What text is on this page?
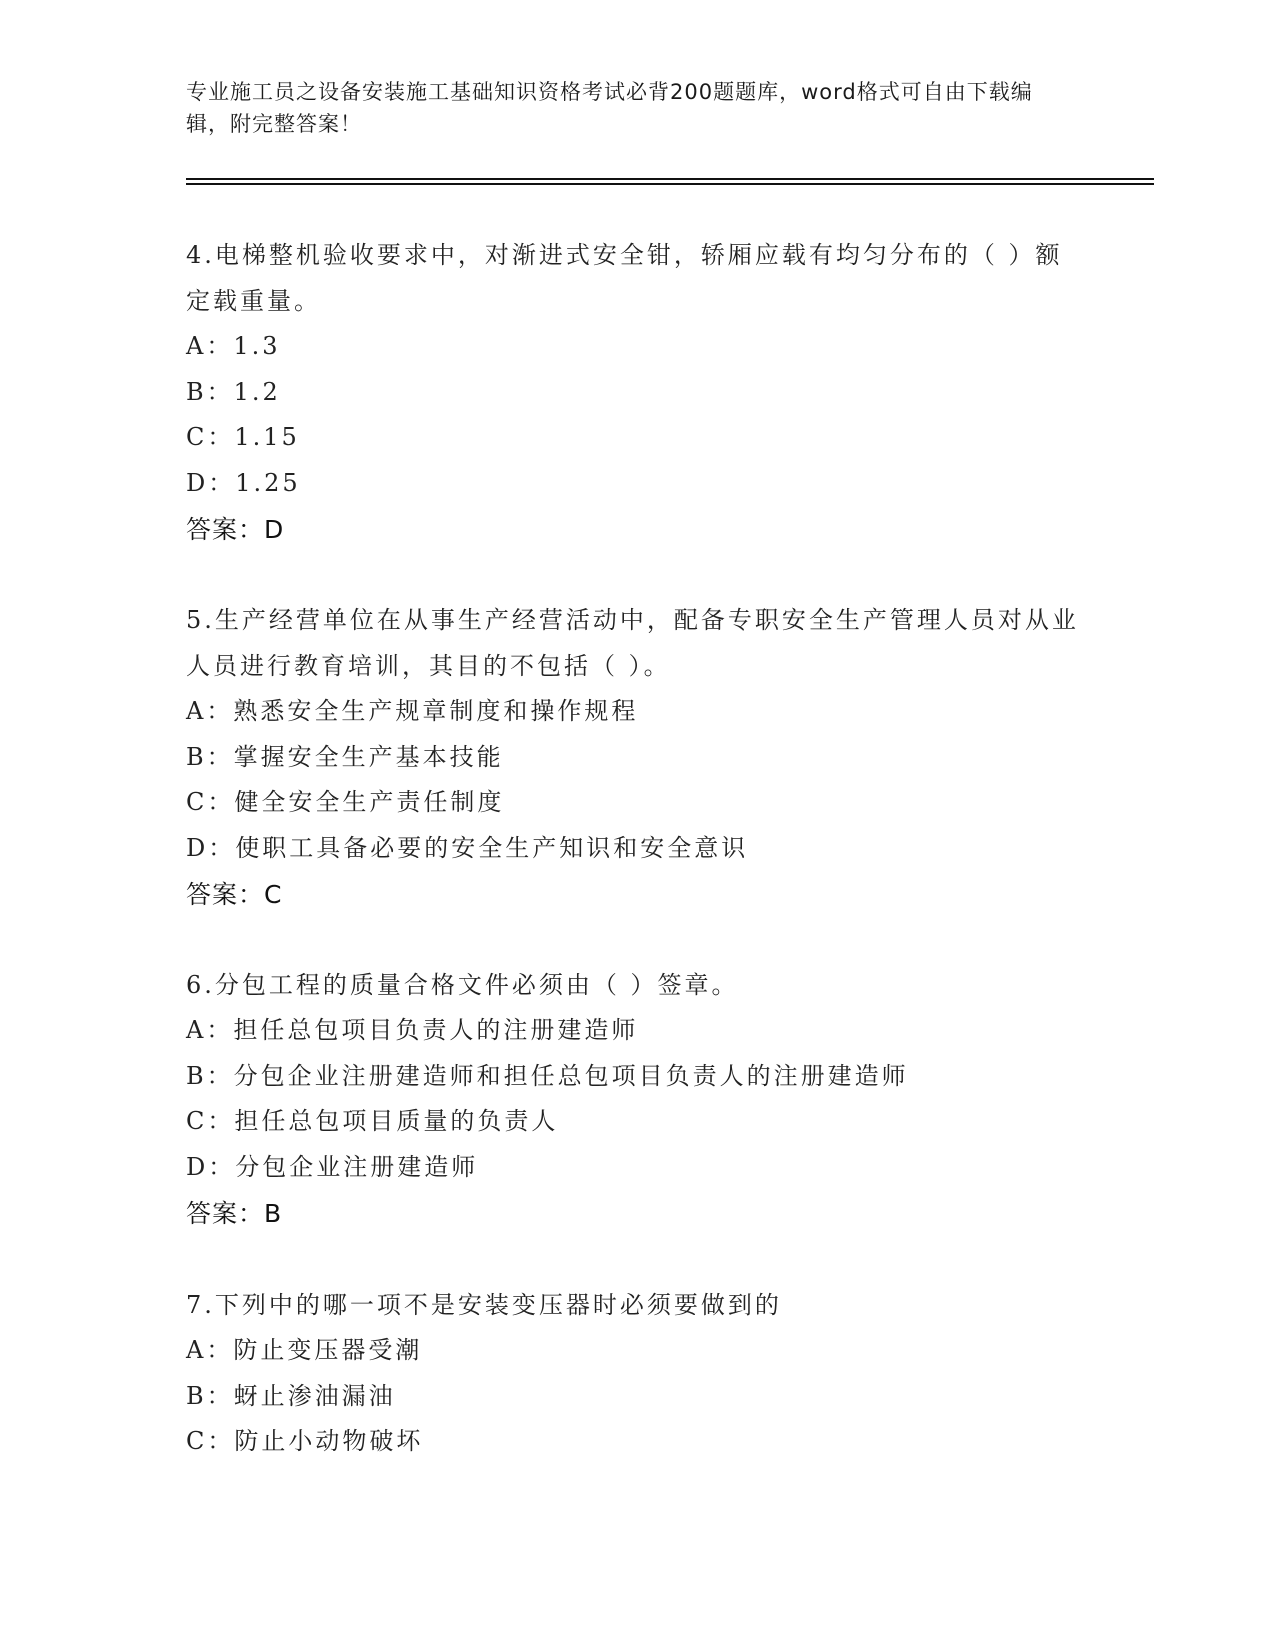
专业施工员之设备安装施工基础知识资格考试必背200题题库，word格式可自由下载编辑，附完整答案！

4.电梯整机验收要求中，对渐进式安全钳，轿厢应载有均匀分布的（ ）额定载重量。

A：1.3

B：1.2

C：1.15

D：1.25

答案：D

5.生产经营单位在从事生产经营活动中，配备专职安全生产管理人员对从业人员进行教育培训，其目的不包括（ ）。

A：熟悉安全生产规章制度和操作规程

B：掌握安全生产基本技能

C：健全安全生产责任制度

D：使职工具备必要的安全生产知识和安全意识

答案：C

6.分包工程的质量合格文件必须由（ ）签章。

A：担任总包项目负责人的注册建造师

B：分包企业注册建造师和担任总包项目负责人的注册建造师

C：担任总包项目质量的负责人

D：分包企业注册建造师

答案：B

7.下列中的哪一项不是安装变压器时必须要做到的

A：防止变压器受潮

B：蚜止渗油漏油

C：防止小动物破坏
